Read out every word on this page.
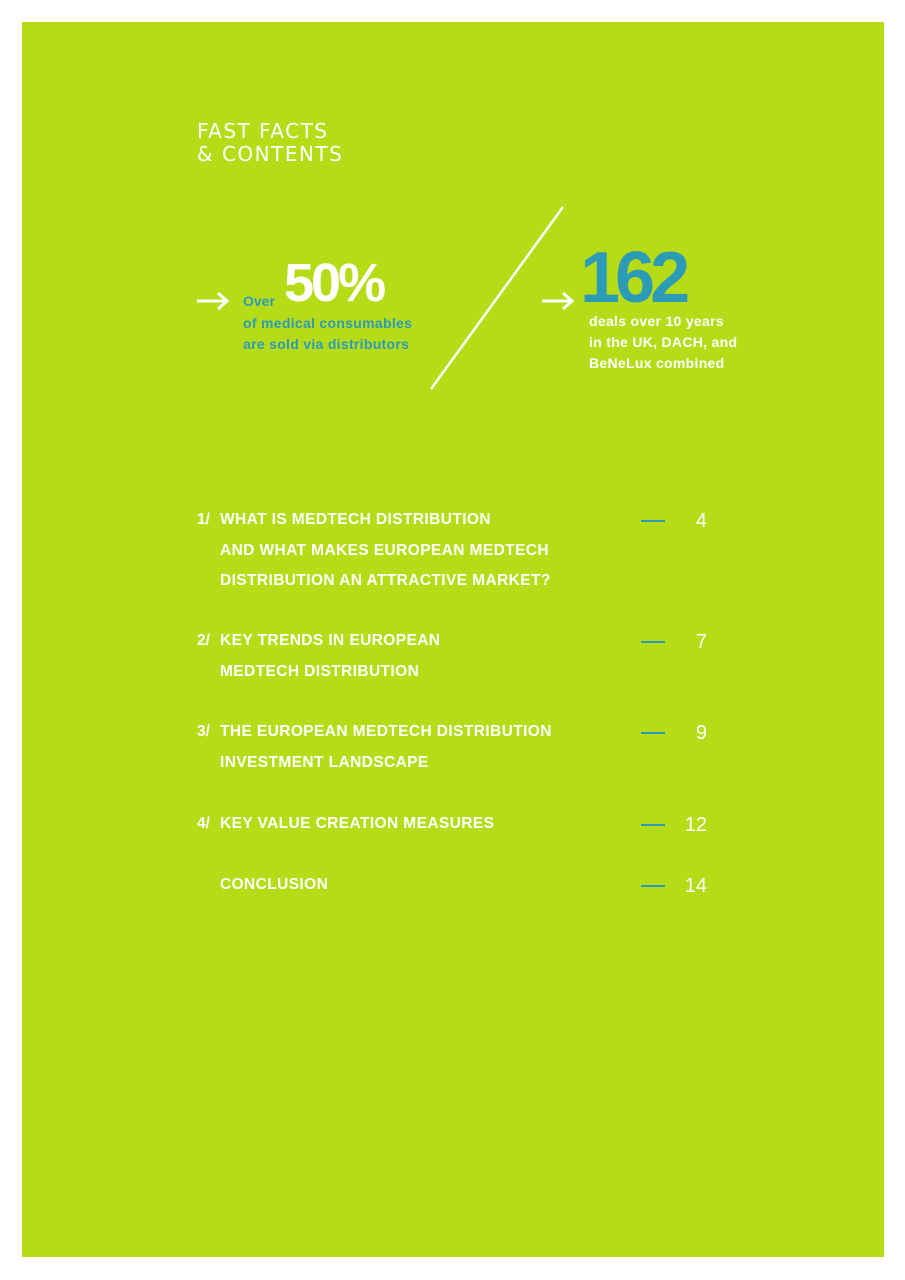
FAST FACTS
& CONTENTS
Over 50%
of medical consumables
are sold via distributors
162
deals over 10 years
in the UK, DACH, and
BeNeLux combined
1/ WHAT IS MEDTECH DISTRIBUTION
AND WHAT MAKES EUROPEAN MEDTECH
DISTRIBUTION AN ATTRACTIVE MARKET?
4
2/ KEY TRENDS IN EUROPEAN
MEDTECH DISTRIBUTION
7
3/ THE EUROPEAN MEDTECH DISTRIBUTION
INVESTMENT LANDSCAPE
9
4/ KEY VALUE CREATION MEASURES	12
CONCLUSION	14
